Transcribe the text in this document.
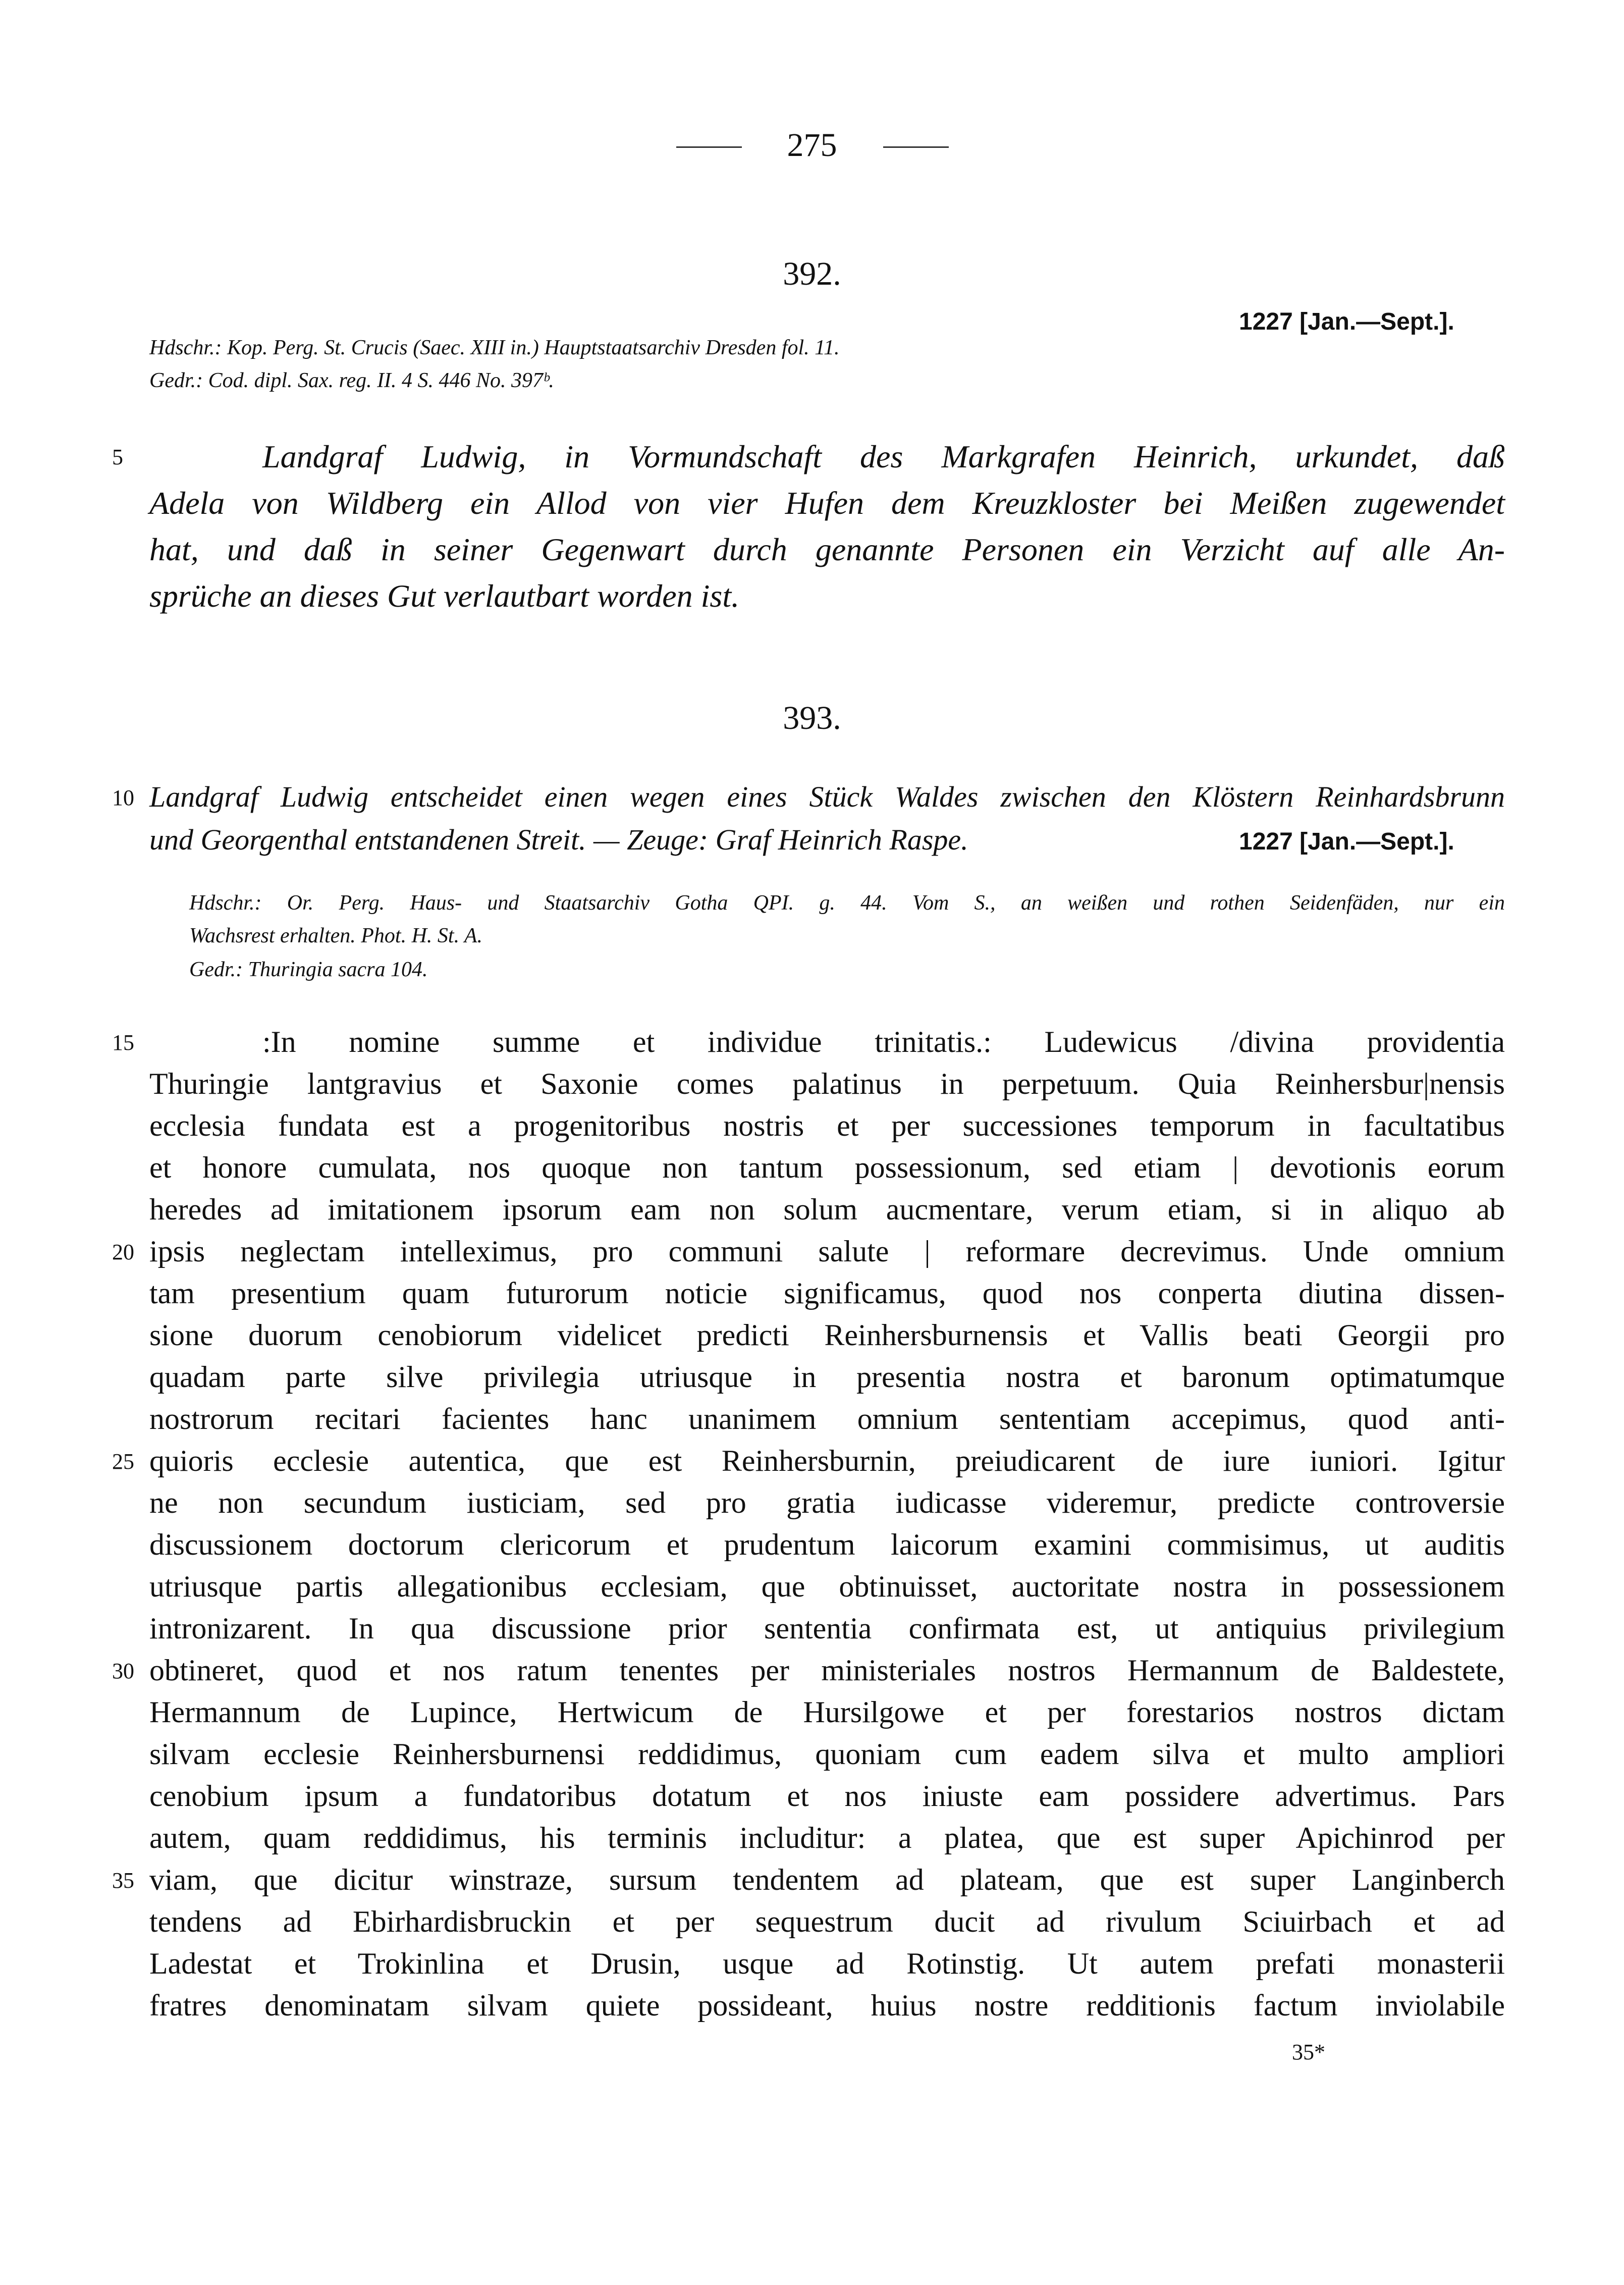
275
392.
1227 [Jan.—Sept.].
Hdschr.: Kop. Perg. St. Crucis (Saec. XIII in.) Hauptstaatsarchiv Dresden fol. 11.
Gedr.: Cod. dipl. Sax. reg. II. 4 S. 446 No. 397ᵇ.
5	Landgraf Ludwig, in Vormundschaft des Markgrafen Heinrich, urkundet, daß
Adela von Wildberg ein Allod von vier Hufen dem Kreuzkloster bei Meißen zugewendet
hat, und daß in seiner Gegenwart durch genannte Personen ein Verzicht auf alle An-
sprüche an dieses Gut verlautbart worden ist.
393.
10 Landgraf Ludwig entscheidet einen wegen eines Stück Waldes zwischen den Klöstern Reinhardsbrunn
und Georgenthal entstandenen Streit. — Zeuge: Graf Heinrich Raspe.	1227 [Jan.—Sept.].
Hdschr.: Or. Perg. Haus- und Staatsarchiv Gotha QPI. g. 44. Vom S., an weißen und rothen Seidenfäden, nur ein
Wachsrest erhalten. Phot. H. St. A.
Gedr.: Thuringia sacra 104.
15	:In nomine summe et individue trinitatis.: Ludewicus /divina providentia
Thuringie lantgravius et Saxonie comes palatinus in perpetuum. Quia Reinhersbur|nensis
ecclesia fundata est a progenitoribus nostris et per successiones temporum in facultatibus
et honore cumulata, nos quoque non tantum possessionum, sed etiam | devotionis eorum
heredes ad imitationem ipsorum eam non solum aucmentare, verum etiam, si in aliquo ab
20 ipsis neglectam intelleximus, pro communi salute | reformare decrevimus. Unde omnium
tam presentium quam futurorum noticie significamus, quod nos conperta diutina dissen-
sione duorum cenobiorum videlicet predicti Reinhersburnensis et Vallis beati Georgii pro
quadam parte silve privilegia utriusque in presentia nostra et baronum optimatumque
nostrorum recitari facientes hanc unanimem omnium sententiam accepimus, quod anti-
25 quioris ecclesie autentica, que est Reinhersburnin, preiudicarent de iure iuniori. Igitur
ne non secundum iusticiam, sed pro gratia iudicasse videremur, predicte controversie
discussionem doctorum clericorum et prudentum laicorum examini commisimus, ut auditis
utriusque partis allegationibus ecclesiam, que obtinuisset, auctoritate nostra in possessionem
intronizarent. In qua discussione prior sententia confirmata est, ut antiquius privilegium
30 obtineret, quod et nos ratum tenentes per ministeriales nostros Hermannum de Baldestete,
Hermannum de Lupince, Hertwicum de Hursilgowe et per forestarios nostros dictam
silvam ecclesie Reinhersburnensi reddidimus, quoniam cum eadem silva et multo ampliori
cenobium ipsum a fundatoribus dotatum et nos iniuste eam possidere advertimus. Pars
autem, quam reddidimus, his terminis includitur: a platea, que est super Apichinrod per
35 viam, que dicitur winstraze, sursum tendentem ad plateam, que est super Langinberch
tendens ad Ebirhardisbruckin et per sequestrum ducit ad rivulum Sciuirbach et ad
Ladestat et Trokinlina et Drusin, usque ad Rotinstig. Ut autem prefati monasterii
fratres denominatam silvam quiete possideant, huius nostre redditionis factum inviolabile
35*
